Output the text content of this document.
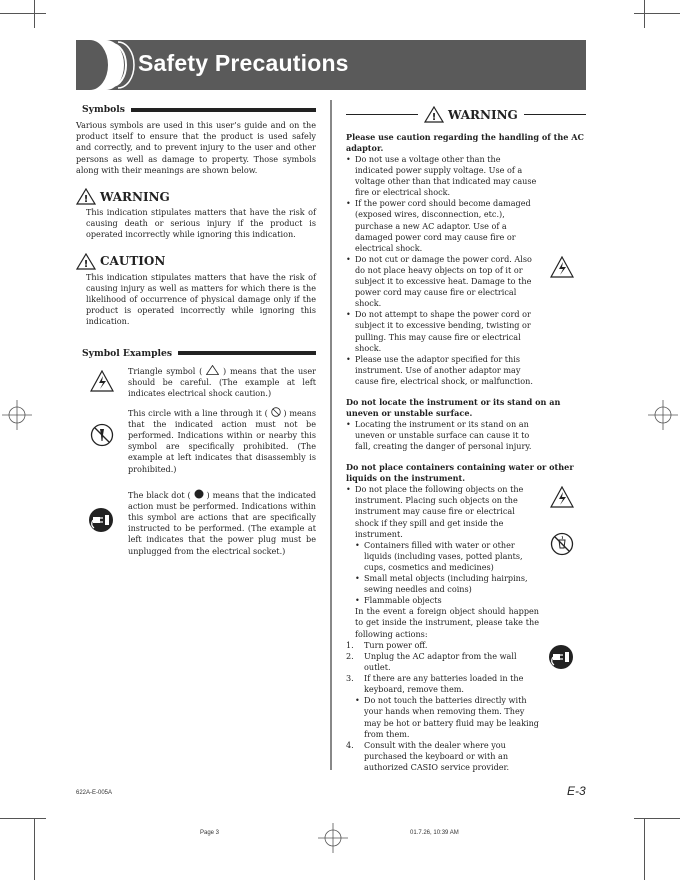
Safety Precautions
Symbols
Various symbols are used in this user’s guide and on the product itself to ensure that the product is used safely and correctly, and to prevent injury to the user and other persons as well as damage to property. Those symbols along with their meanings are shown below.
! WARNING
This indication stipulates matters that have the risk of causing death or serious injury if the product is operated incorrectly while ignoring this indication.
! CAUTION
This indication stipulates matters that have the risk of causing injury as well as matters for which there is the likelihood of occurrence of physical damage only if the product is operated incorrectly while ignoring this indication.
Symbol Examples
Triangle symbol (	) means that the user should be careful. (The example at left indicates electrical shock caution.)
This circle with a line through it ( ) means that the indicated action must not be performed. Indications within or nearby this symbol are specifically prohibited. (The example at left indicates that disassembly is prohibited.)
The black dot ( ) means that the indicated action must be performed. Indications within this symbol are actions that are specifically instructed to be performed. (The example at left indicates that the power plug must be unplugged from the electrical socket.)
! WARNING
Please use caution regarding the handling of the AC adaptor.
• Do not use a voltage other than the indicated power supply voltage. Use of a voltage other than that indicated may cause fire or electrical shock.
• If the power cord should become damaged (exposed wires, disconnection, etc.), purchase a new AC adaptor. Use of a damaged power cord may cause fire or electrical shock.
• Do not cut or damage the power cord. Also do not place heavy objects on top of it or subject it to excessive heat. Damage to the power cord may cause fire or electrical shock.
• Do not attempt to shape the power cord or subject it to excessive bending, twisting or pulling. This may cause fire or electrical shock.
• Please use the adaptor specified for this instrument. Use of another adaptor may cause fire, electrical shock, or malfunction.
Do not locate the instrument or its stand on an uneven or unstable surface.
• Locating the instrument or its stand on an uneven or unstable surface can cause it to fall, creating the danger of personal injury.
Do not place containers containing water or other liquids on the instrument.
• Do not place the following objects on the instrument. Placing such objects on the instrument may cause fire or electrical shock if they spill and get inside the instrument.
• Containers filled with water or other liquids (including vases, potted plants, cups, cosmetics and medicines)
• Small metal objects (including hairpins, sewing needles and coins)
• Flammable objects
In the event a foreign object should happen to get inside the instrument, please take the following actions:
1. Turn power off.
2. Unplug the AC adaptor from the wall outlet.
3. If there are any batteries loaded in the keyboard, remove them.
• Do not touch the batteries directly with your hands when removing them. They may be hot or battery fluid may be leaking from them.
4. Consult with the dealer where you purchased the keyboard or with an authorized CASIO service provider.
622A-E-005A	E-3
Page 3	01.7.26, 10:39 AM
